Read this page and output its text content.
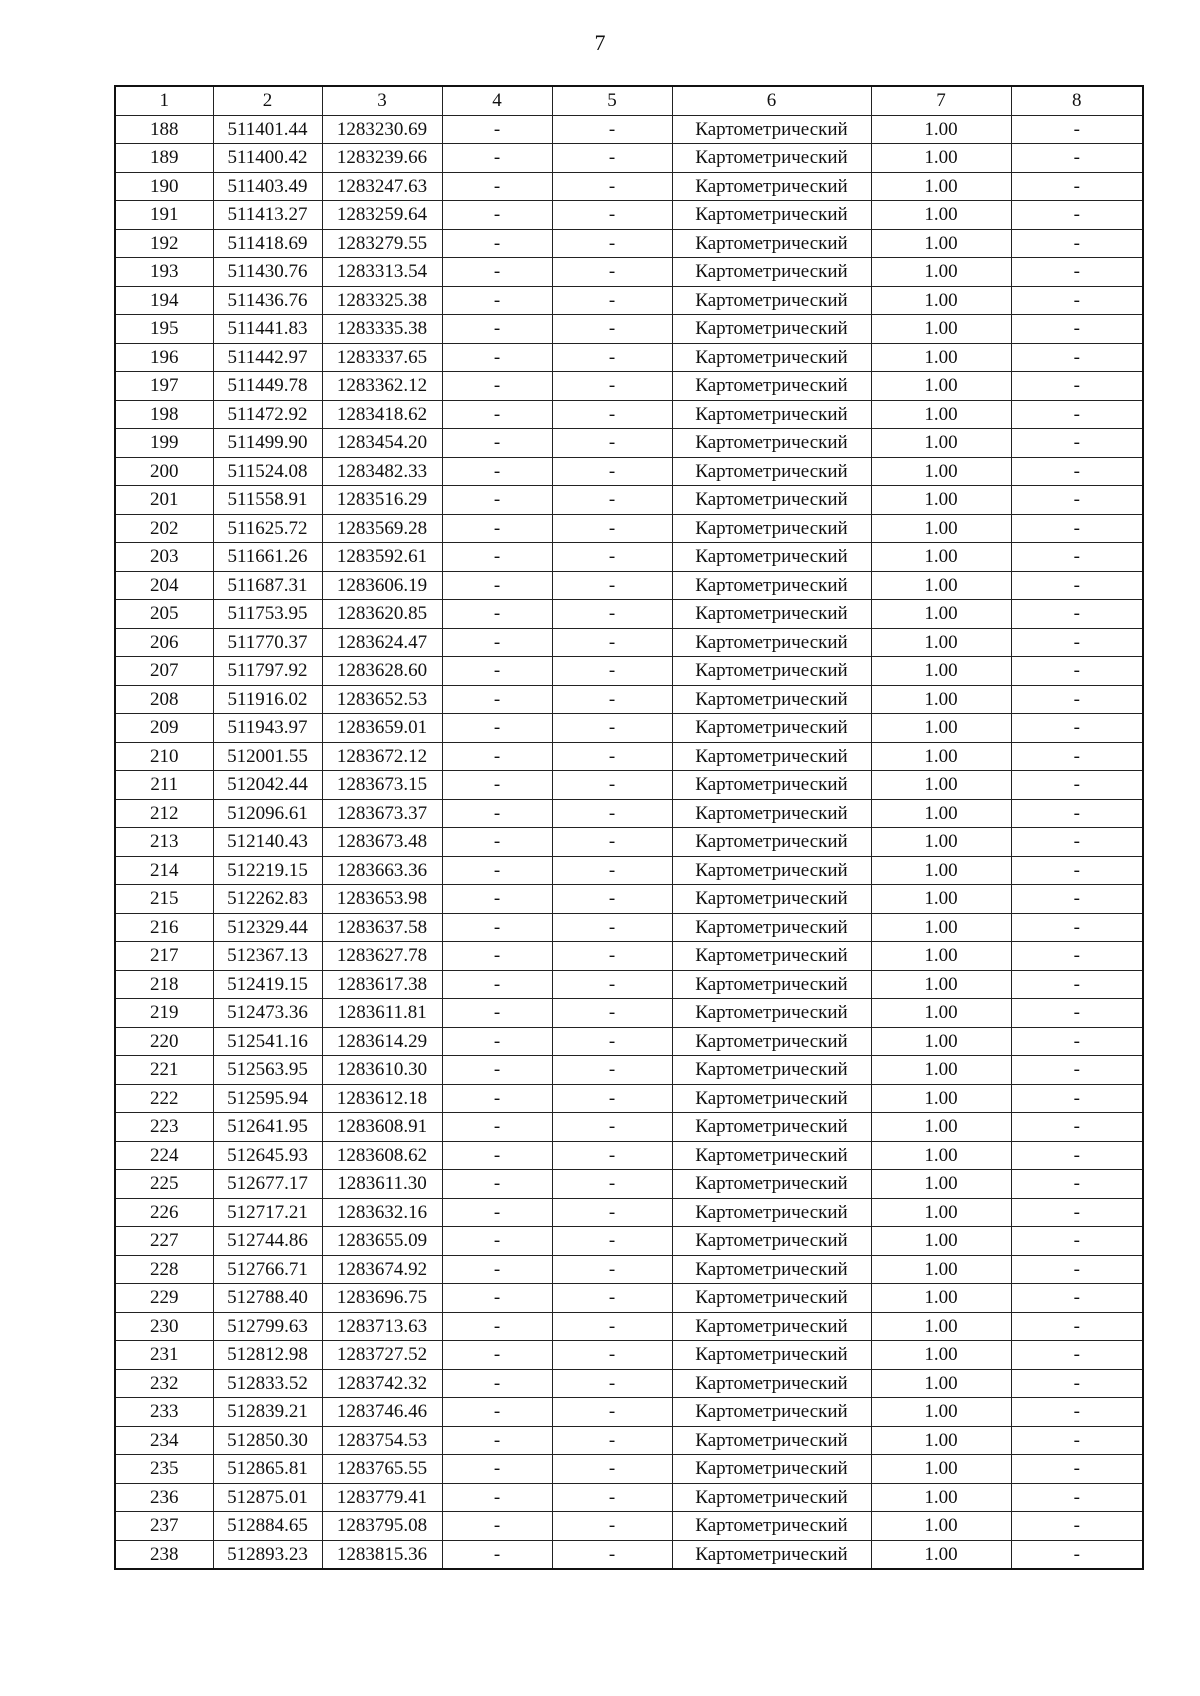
7
1	2	3	4	5	6	7	8
188	511401.44	1283230.69	-	-	Картометрический	1.00	-
189	511400.42	1283239.66	-	-	Картометрический	1.00	-
190	511403.49	1283247.63	-	-	Картометрический	1.00	-
191	511413.27	1283259.64	-	-	Картометрический	1.00	-
192	511418.69	1283279.55	-	-	Картометрический	1.00	-
193	511430.76	1283313.54	-	-	Картометрический	1.00	-
194	511436.76	1283325.38	-	-	Картометрический	1.00	-
195	511441.83	1283335.38	-	-	Картометрический	1.00	-
196	511442.97	1283337.65	-	-	Картометрический	1.00	-
197	511449.78	1283362.12	-	-	Картометрический	1.00	-
198	511472.92	1283418.62	-	-	Картометрический	1.00	-
199	511499.90	1283454.20	-	-	Картометрический	1.00	-
200	511524.08	1283482.33	-	-	Картометрический	1.00	-
201	511558.91	1283516.29	-	-	Картометрический	1.00	-
202	511625.72	1283569.28	-	-	Картометрический	1.00	-
203	511661.26	1283592.61	-	-	Картометрический	1.00	-
204	511687.31	1283606.19	-	-	Картометрический	1.00	-
205	511753.95	1283620.85	-	-	Картометрический	1.00	-
206	511770.37	1283624.47	-	-	Картометрический	1.00	-
207	511797.92	1283628.60	-	-	Картометрический	1.00	-
208	511916.02	1283652.53	-	-	Картометрический	1.00	-
209	511943.97	1283659.01	-	-	Картометрический	1.00	-
210	512001.55	1283672.12	-	-	Картометрический	1.00	-
211	512042.44	1283673.15	-	-	Картометрический	1.00	-
212	512096.61	1283673.37	-	-	Картометрический	1.00	-
213	512140.43	1283673.48	-	-	Картометрический	1.00	-
214	512219.15	1283663.36	-	-	Картометрический	1.00	-
215	512262.83	1283653.98	-	-	Картометрический	1.00	-
216	512329.44	1283637.58	-	-	Картометрический	1.00	-
217	512367.13	1283627.78	-	-	Картометрический	1.00	-
218	512419.15	1283617.38	-	-	Картометрический	1.00	-
219	512473.36	1283611.81	-	-	Картометрический	1.00	-
220	512541.16	1283614.29	-	-	Картометрический	1.00	-
221	512563.95	1283610.30	-	-	Картометрический	1.00	-
222	512595.94	1283612.18	-	-	Картометрический	1.00	-
223	512641.95	1283608.91	-	-	Картометрический	1.00	-
224	512645.93	1283608.62	-	-	Картометрический	1.00	-
225	512677.17	1283611.30	-	-	Картометрический	1.00	-
226	512717.21	1283632.16	-	-	Картометрический	1.00	-
227	512744.86	1283655.09	-	-	Картометрический	1.00	-
228	512766.71	1283674.92	-	-	Картометрический	1.00	-
229	512788.40	1283696.75	-	-	Картометрический	1.00	-
230	512799.63	1283713.63	-	-	Картометрический	1.00	-
231	512812.98	1283727.52	-	-	Картометрический	1.00	-
232	512833.52	1283742.32	-	-	Картометрический	1.00	-
233	512839.21	1283746.46	-	-	Картометрический	1.00	-
234	512850.30	1283754.53	-	-	Картометрический	1.00	-
235	512865.81	1283765.55	-	-	Картометрический	1.00	-
236	512875.01	1283779.41	-	-	Картометрический	1.00	-
237	512884.65	1283795.08	-	-	Картометрический	1.00	-
238	512893.23	1283815.36	-	-	Картометрический	1.00	-
